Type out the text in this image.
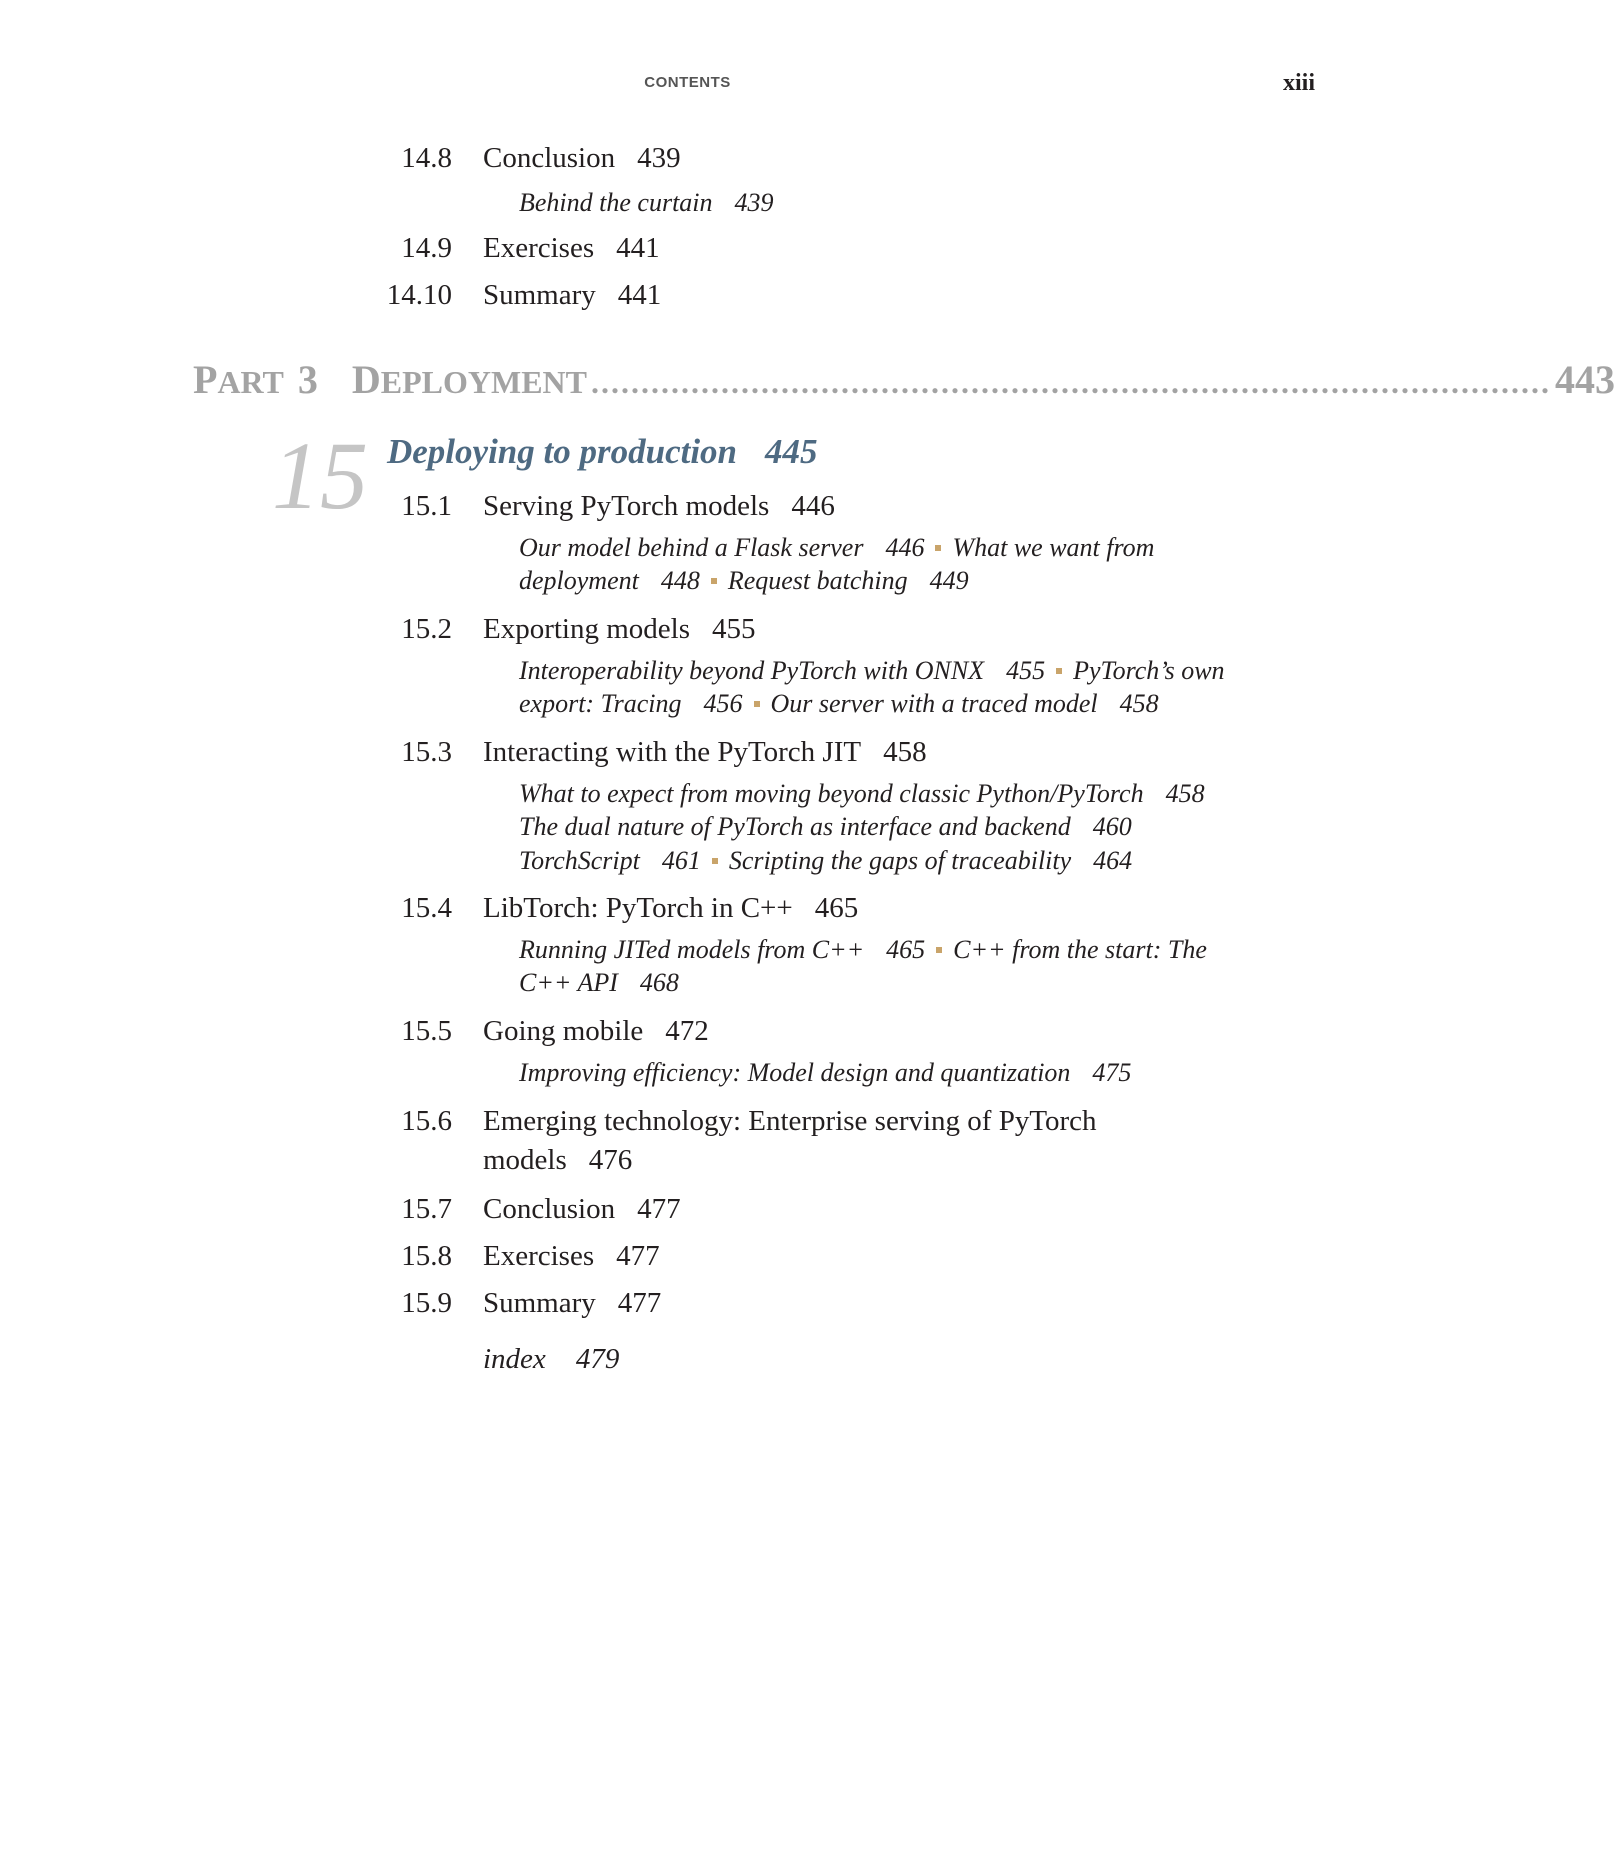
CONTENTS	xiii
14.8 Conclusion 439
Behind the curtain 439
14.9 Exercises 441
14.10 Summary 441
P ART 3 D EPLOYMENT ................................................................................................ 443
15 Deploying to production 445
15.1 Serving PyTorch models 446
Our model behind a Flask server 446 What we want from
deployment 448 Request batching 449
15.2 Exporting models 455
Interoperability beyond PyTorch with ONNX 455 PyTorch’s own
export: Tracing 456 Our server with a traced model 458
15.3 Interacting with the PyTorch JIT 458
What to expect from moving beyond classic Python/PyTorch 458
The dual nature of PyTorch as interface and backend 460
TorchScript 461 Scripting the gaps of traceability 464
15.4 LibTorch: PyTorch in C++ 465
Running JITed models from C++ 465 C++ from the start: The
C++ API 468
15.5 Going mobile 472
Improving efficiency: Model design and quantization 475
15.6 Emerging technology: Enterprise serving of PyTorch
models 476
15.7 Conclusion 477
15.8 Exercises 477
15.9 Summary 477
index 479
